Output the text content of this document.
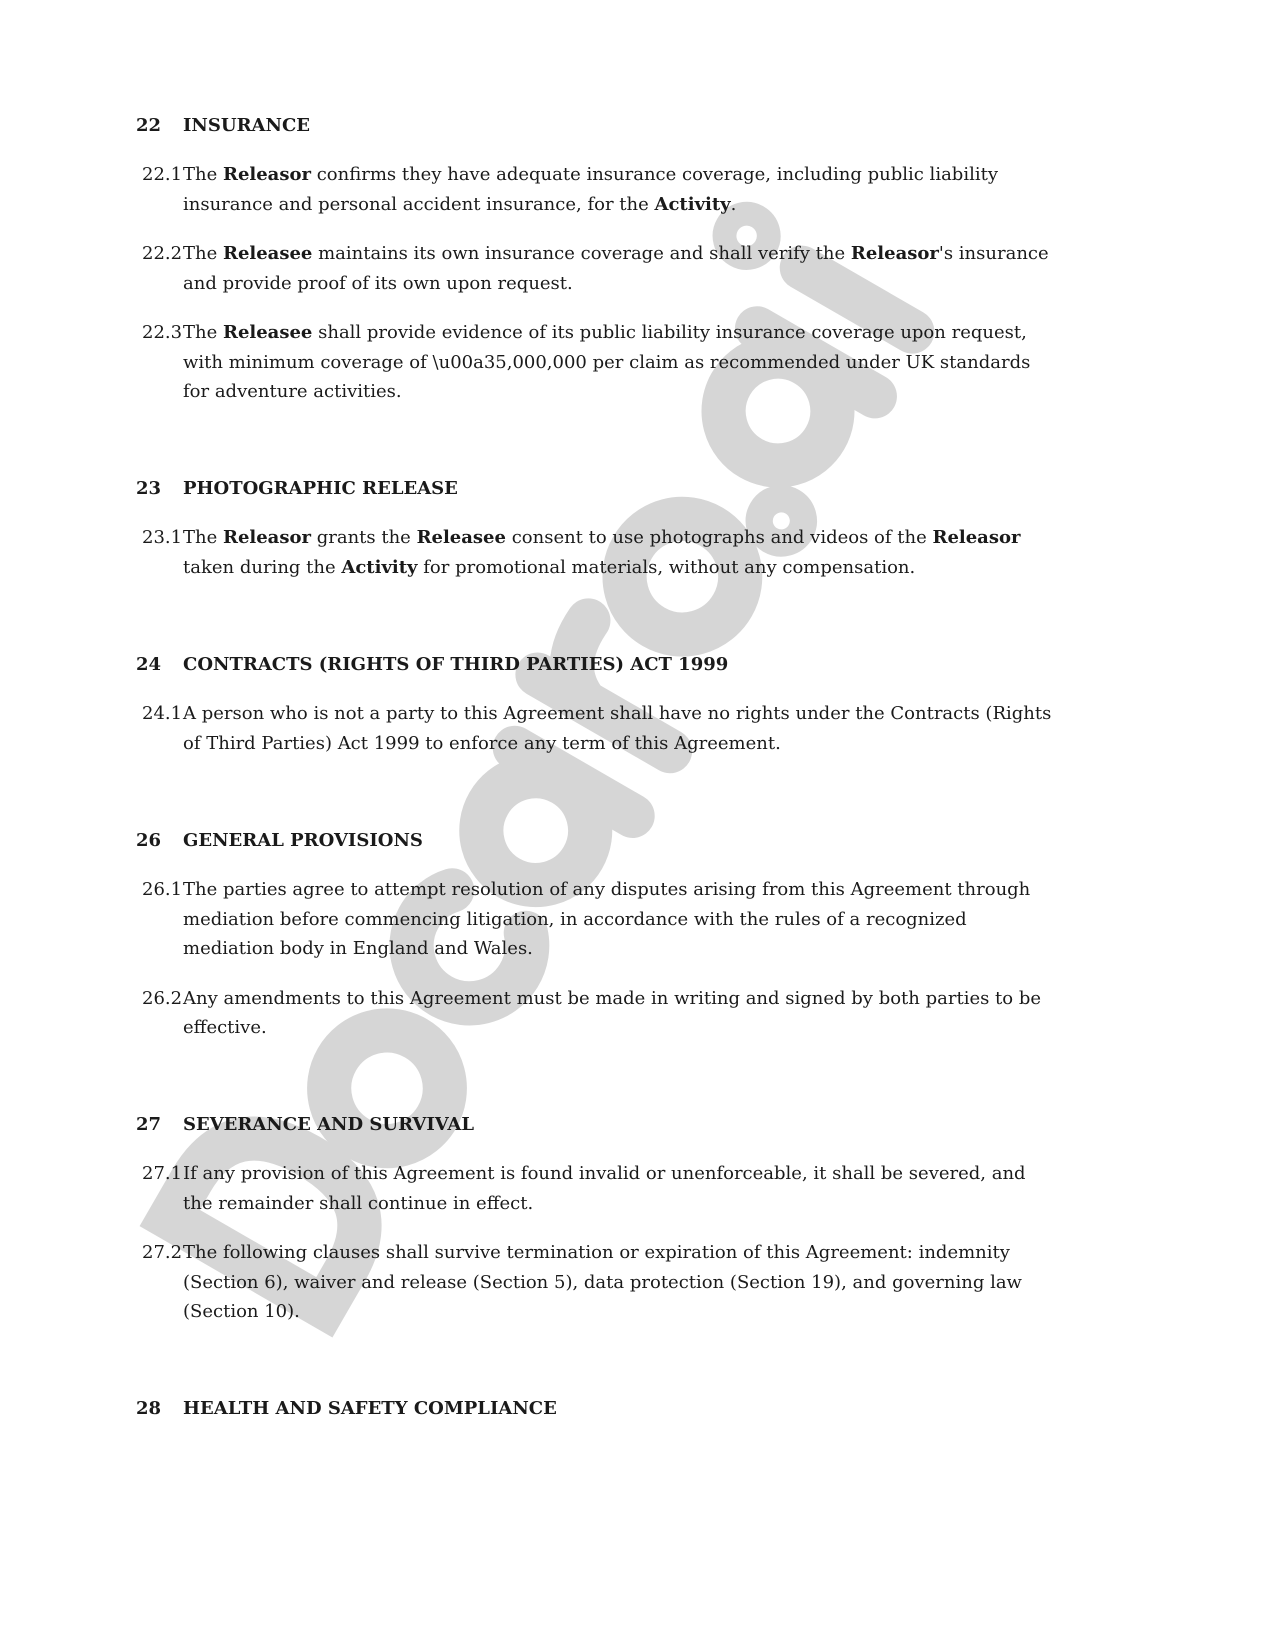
22	INSURANCE
22.1 The Releasor confirms they have adequate insurance coverage, including public liability
insurance and personal accident insurance, for the Activity.
22.2 The Releasee maintains its own insurance coverage and shall verify the Releasor's insurance
and provide proof of its own upon request.
22.3 The Releasee shall provide evidence of its public liability insurance coverage upon request,
with minimum coverage of \u00a35,000,000 per claim as recommended under UK standards
for adventure activities.
23	PHOTOGRAPHIC RELEASE
23.1 The Releasor grants the Releasee consent to use photographs and videos of the Releasor
taken during the Activity for promotional materials, without any compensation.
24	CONTRACTS (RIGHTS OF THIRD PARTIES) ACT 1999
24.1 A person who is not a party to this Agreement shall have no rights under the Contracts (Rights
of Third Parties) Act 1999 to enforce any term of this Agreement.
26	GENERAL PROVISIONS
26.1 The parties agree to attempt resolution of any disputes arising from this Agreement through
mediation before commencing litigation, in accordance with the rules of a recognized
mediation body in England and Wales.
26.2 Any amendments to this Agreement must be made in writing and signed by both parties to be
effective.
27	SEVERANCE AND SURVIVAL
27.1 If any provision of this Agreement is found invalid or unenforceable, it shall be severed, and
the remainder shall continue in effect.
27.2 The following clauses shall survive termination or expiration of this Agreement: indemnity
(Section 6), waiver and release (Section 5), data protection (Section 19), and governing law
(Section 10).
28	HEALTH AND SAFETY COMPLIANCE
